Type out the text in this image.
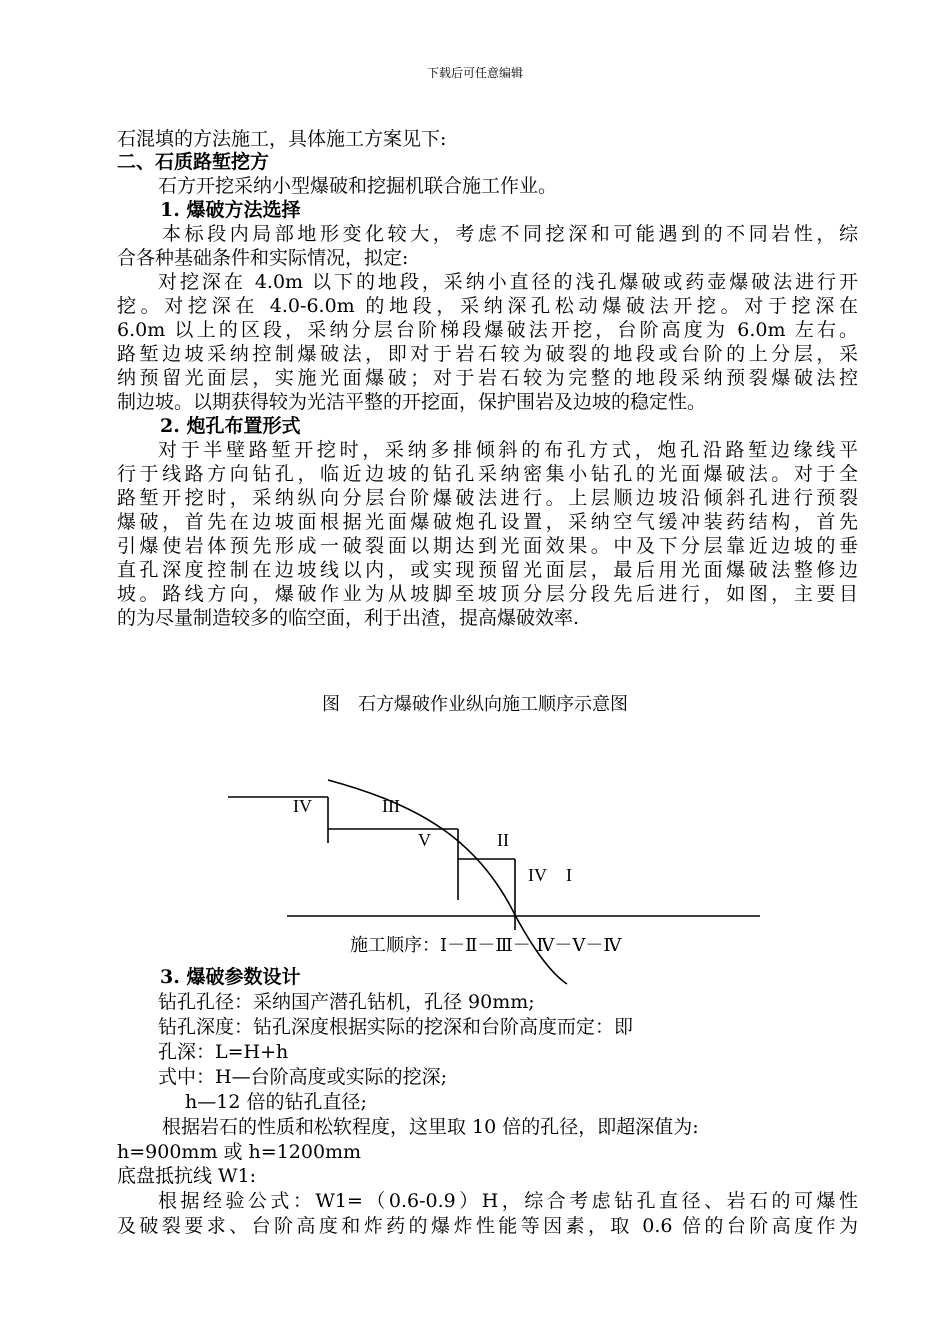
下载后可任意编辑
石混填的方法施工，具体施工方案见下:
二、石质路堑挖方
石方开挖采纳小型爆破和挖掘机联合施工作业。
1. 爆破方法选择
本标段内局部地形变化较大，考虑不同挖深和可能遇到的不同岩性，综
合各种基础条件和实际情况，拟定:
对挖深在 4.0m 以下的地段，采纳小直径的浅孔爆破或药壶爆破法进行开
挖。对挖深在 4.0-6.0m 的地段，采纳深孔松动爆破法开挖。对于挖深在
6.0m 以上的区段，采纳分层台阶梯段爆破法开挖，台阶高度为 6.0m 左右。
路堑边坡采纳控制爆破法，即对于岩石较为破裂的地段或台阶的上分层，采
纳预留光面层，实施光面爆破；对于岩石较为完整的地段采纳预裂爆破法控
制边坡。以期获得较为光洁平整的开挖面，保护围岩及边坡的稳定性。
2. 炮孔布置形式
对于半壁路堑开挖时，采纳多排倾斜的布孔方式，炮孔沿路堑边缘线平
行于线路方向钻孔，临近边坡的钻孔采纳密集小钻孔的光面爆破法。对于全
路堑开挖时，采纳纵向分层台阶爆破法进行。上层顺边坡沿倾斜孔进行预裂
爆破，首先在边坡面根据光面爆破炮孔设置，采纳空气缓冲装药结构，首先
引爆使岩体预先形成一破裂面以期达到光面效果。中及下分层靠近边坡的垂
直孔深度控制在边坡线以内，或实现预留光面层，最后用光面爆破法整修边
坡。路线方向，爆破作业为从坡脚至坡顶分层分段先后进行，如图，主要目
的为尽量制造较多的临空面，利于出渣，提高爆破效率.
图　石方爆破作业纵向施工顺序示意图
IV	III
V	II
IV I
施工顺序：Ⅰ－Ⅱ－Ⅲ－ Ⅳ－Ⅴ－Ⅳ
3. 爆破参数设计
钻孔孔径：采纳国产潜孔钻机，孔径 90mm;
钻孔深度：钻孔深度根据实际的挖深和台阶高度而定：即
孔深：L=H+h
式中：H—台阶高度或实际的挖深;
h—12 倍的钻孔直径;
根据岩石的性质和松软程度，这里取 10 倍的孔径，即超深值为:
h=900mm 或 h=1200mm
底盘抵抗线 W1:
根据经验公式：W1=（0.6-0.9）H，综合考虑钻孔直径、岩石的可爆性
及破裂要求、台阶高度和炸药的爆炸性能等因素，取 0.6 倍的台阶高度作为
